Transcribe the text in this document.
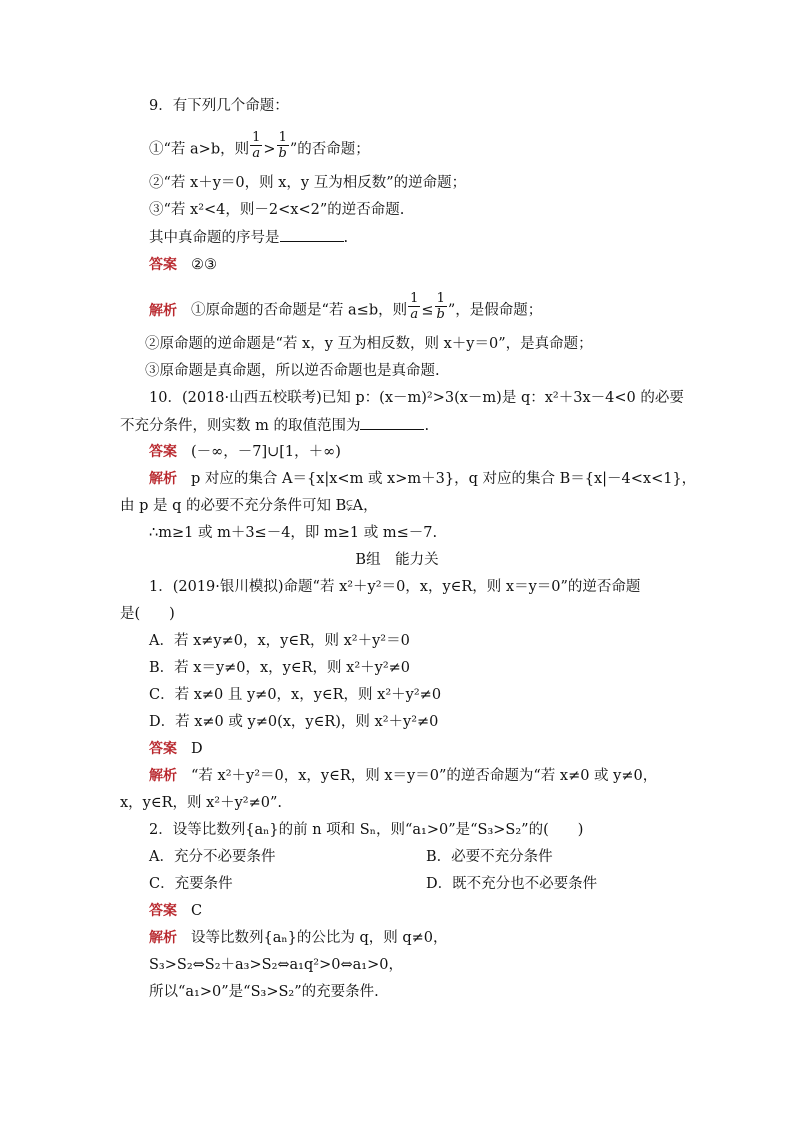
9．有下列几个命题：
①“若 a>b，则 $\frac{1}{a} > \frac{1}{b}$ ”的否命题；
②“若 x＋y＝0，则 x，y 互为相反数”的逆命题；
③“若 x²<4，则－2<x<2”的逆否命题.
其中真命题的序号是	.
答案 ②③
解析 ①原命题的否命题是“若 a≤b，则 $\frac{1}{a} \le \frac{1}{b}$ ”，是假命题；
②原命题的逆命题是“若 x，y 互为相反数，则 x＋y＝0”，是真命题；
③原命题是真命题，所以逆否命题也是真命题.
10．(2018·山西五校联考)已知 p：(x－m)²>3(x－m)是 q：x²＋3x－4<0 的必要
不充分条件，则实数 m 的取值范围为	.
答案 (－∞，－7]∪[1，＋∞)
解析 p 对应的集合 A＝{x|x<m 或 x>m＋3}，q 对应的集合 B＝{x|－4<x<1}，
由 p 是 q 的必要不充分条件可知 B⫋A，
∴m≥1 或 m＋3≤－4，即 m≥1 或 m≤－7.
B组　能力关
1．(2019·银川模拟)命题“若 x²＋y²＝0，x，y∈R，则 x＝y＝0”的逆否命题
是(　　)
A．若 x≠y≠0，x，y∈R，则 x²＋y²＝0
B．若 x＝y≠0，x，y∈R，则 x²＋y²≠0
C．若 x≠0 且 y≠0，x，y∈R，则 x²＋y²≠0
D．若 x≠0 或 y≠0(x，y∈R)，则 x²＋y²≠0
答案 D
解析 “若 x²＋y²＝0，x，y∈R，则 x＝y＝0”的逆否命题为“若 x≠0 或 y≠0，
x，y∈R，则 x²＋y²≠0”.
2．设等比数列{aₙ}的前 n 项和 Sₙ，则“a₁>0”是“S₃>S₂”的(　　)
A．充分不必要条件	B．必要不充分条件
C．充要条件	D．既不充分也不必要条件
答案 C
解析 设等比数列{aₙ}的公比为 q，则 q≠0，
S₃>S₂⇔S₂＋a₃>S₂⇔a₁q²>0⇔a₁>0，
所以“a₁>0”是“S₃>S₂”的充要条件.
